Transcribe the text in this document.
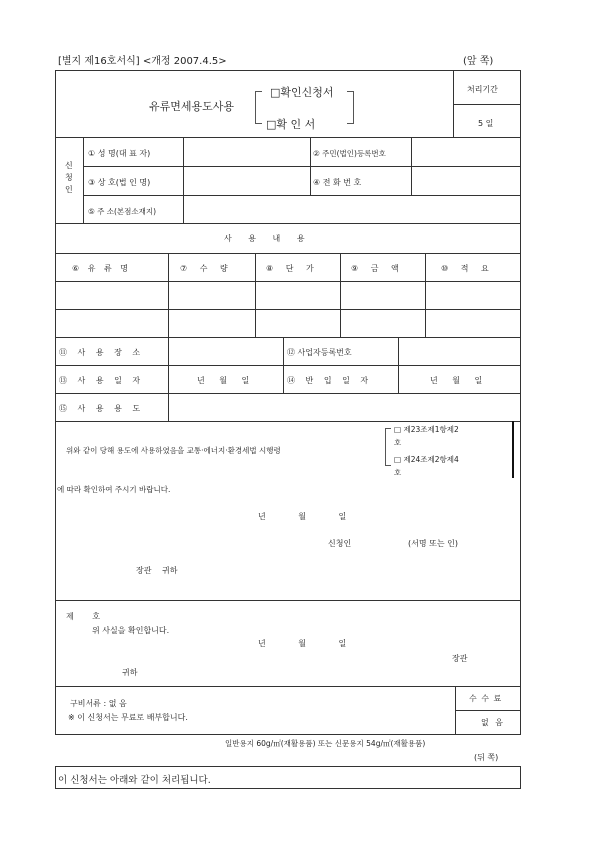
[별지 제16호서식] <개정 2007.4.5>	(앞 쪽)
유류면세용도사용
□확인신청서
□확 인 서
처리기간
5 일
신
청
인
① 성 명(대 표 자)	② 주민(법인)등록번호
③ 상 호(법 인 명)	④ 전 화 번 호
⑤ 주 소(본점소재지)
사 용 내 용
⑥ 유 류 명	⑦ 수 량	⑧ 단 가	⑨ 금 액	⑩ 적 요
⑪ 사 용 장 소	⑫ 사업자등록번호
⑬ 사 용 일 자	년 월 일	⑭ 반 입 일 자	년 월 일
⑮ 사 용 용 도
위와 같이 당해 용도에 사용하였음을 교통·에너지·환경세법 시행령
□ 제23조제1항제2
호
□ 제24조제2항제4
호
에 따라 확인하여 주시기 바랍니다.
년 월 일
신청인	(서명 또는 인)
장관 귀하
제 호
위 사실을 확인합니다.
년 월 일
장관
귀하
구비서류 : 없 음
※ 이 신청서는 무료로 배부합니다.
수 수 료
없 음
일반용지 60g/㎡(재활용품) 또는 신문용지 54g/㎡(재활용품)
(뒤 쪽)
이 신청서는 아래와 같이 처리됩니다.
